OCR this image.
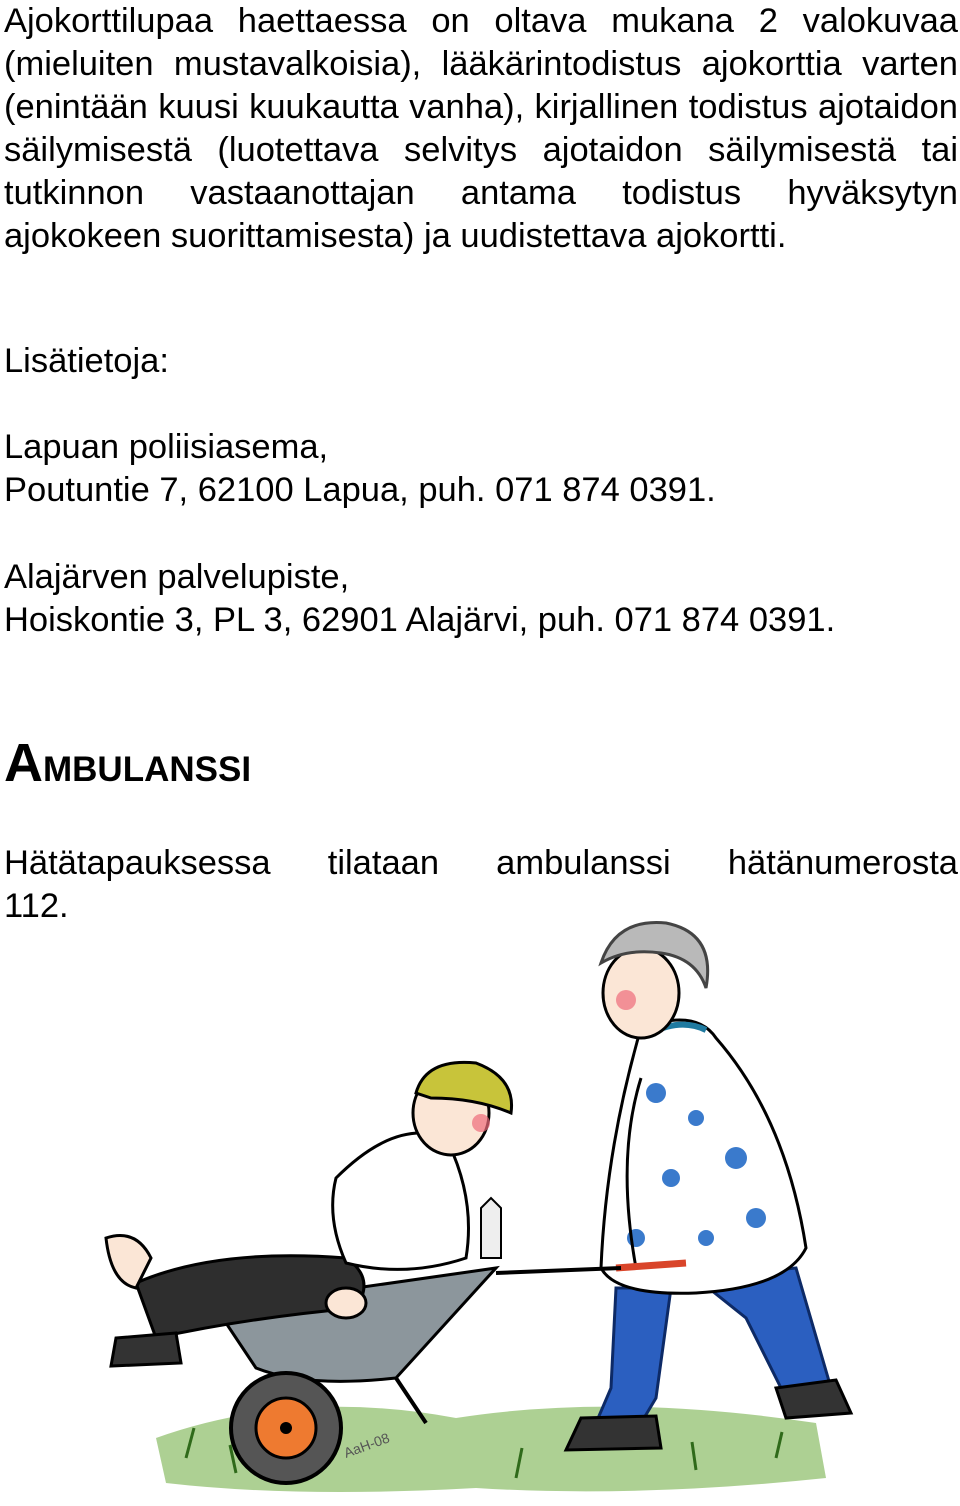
Ajokorttilupaa haettaessa on oltava mukana 2 valokuvaa (mieluiten mustavalkoisia), lääkärintodistus ajokorttia varten (enintään kuusi kuukautta vanha), kirjallinen todistus ajotaidon säilymisestä (luotettava selvitys ajotaidon säilymisestä tai tutkinnon vastaanottajan antama todistus hyväksytyn ajokokeen suorittamisesta) ja uudistettava ajokortti.

Lisätietoja:

Lapuan poliisiasema,

Poutuntie 7, 62100 Lapua, puh. 071 874 0391.

Alajärven palvelupiste,

Hoiskontie 3, PL 3, 62901 Alajärvi, puh. 071 874 0391.

AMBULANSSI

Hätätapauksessa tilataan ambulanssi hätänumerosta

112.

AaH-08
